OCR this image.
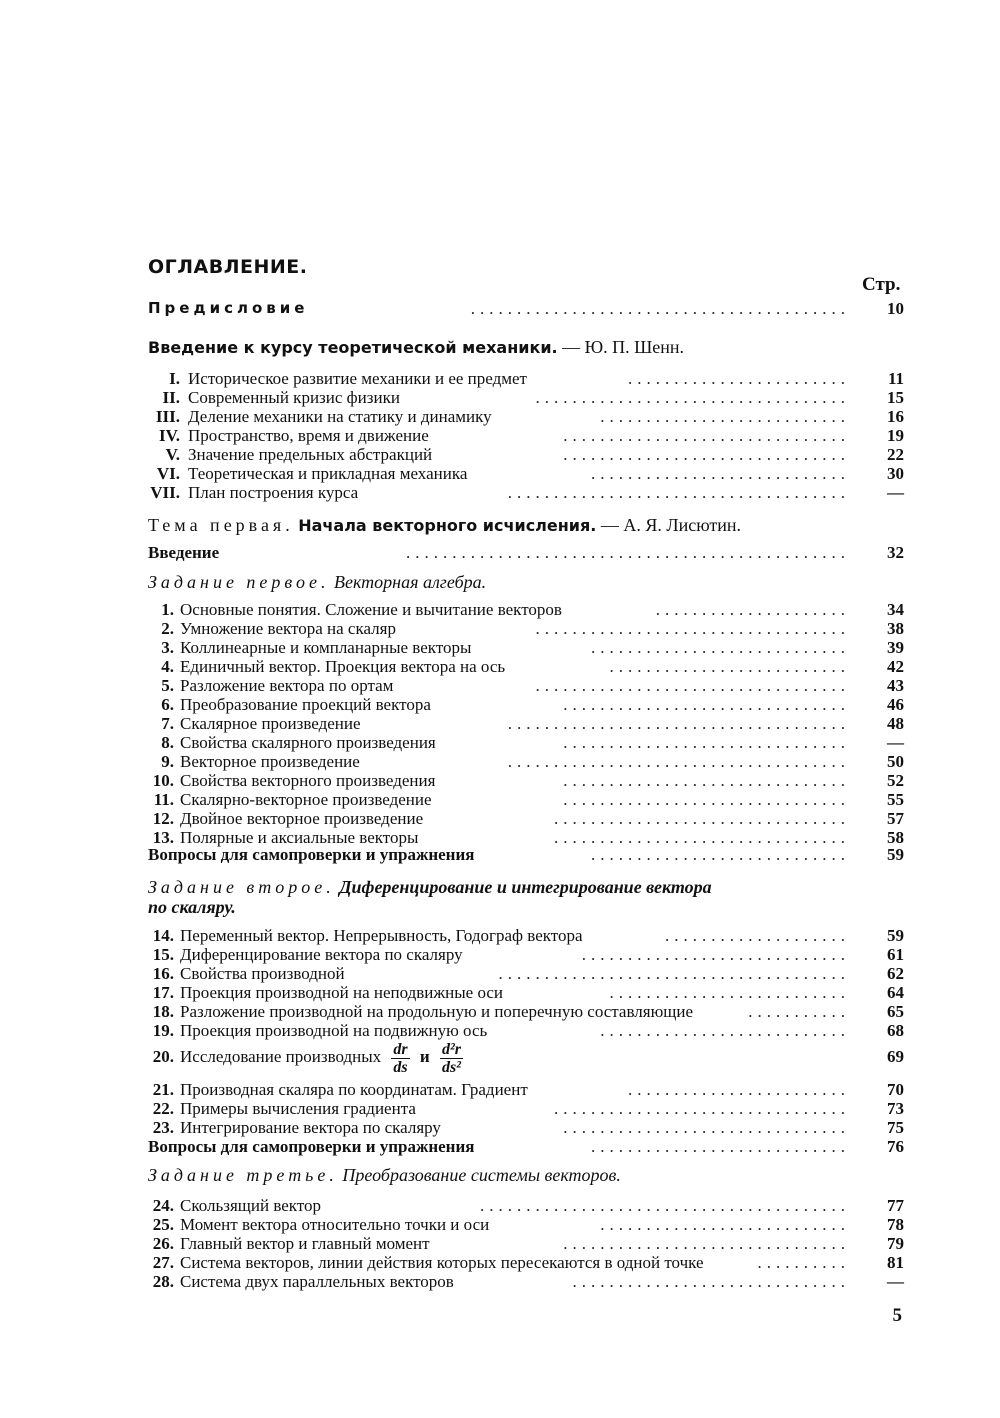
ОГЛАВЛЕНИЕ.
Стр.
Предисловие	.........................................	10
Введение к курсу теоретической механики. — Ю. П. Шенн.
I. Историческое развитие механики и ее предмет	........................	11
II. Современный кризис физики	..................................	15
III. Деление механики на статику и динамику	...........................	16
IV. Пространство, время и движение	...............................	19
V. Значение предельных абстракций	...............................	22
VI. Теоретическая и прикладная механика	............................	30
VII. План построения курса	.....................................	—
Тема первая. Начала векторного исчисления. — А. Я. Лисютин.
Введение	................................................	32
Задание первое. Векторная алгебра.
1. Основные понятия. Сложение и вычитание векторов	.....................	34
2. Умножение вектора на скаляр	..................................	38
3. Коллинеарные и компланарные векторы	............................	39
4. Единичный вектор. Проекция вектора на ось	..........................	42
5. Разложение вектора по ортам	..................................	43
6. Преобразование проекций вектора	...............................	46
7. Скалярное произведение	.....................................	48
8. Свойства скалярного произведения	...............................	—
9. Векторное произведение	.....................................	50
10. Свойства векторного произведения	...............................	52
11. Скалярно-векторное произведение	...............................	55
12. Двойное векторное произведение	................................	57
13. Полярные и аксиальные векторы	................................	58
Вопросы для самопроверки и упражнения	............................	59
Задание второе. Диференцирование и интегрирование вектора
по скаляру.
14. Переменный вектор. Непрерывность, Годограф вектора	....................	59
15. Диференцирование вектора по скаляру	.............................	61
16. Свойства производной	......................................	62
17. Проекция производной на неподвижные оси	..........................	64
18. Разложение производной на продольную и поперечную составляющие	...........	65
19. Проекция производной на подвижную ось	...........................	68
20. Исследование производных $\frac{dr}{ds}$ и $\frac{\text{d²r}}{\text{ds²}}$	69
21. Производная скаляра по координатам. Градиент	........................	70
22. Примеры вычисления градиента	................................	73
23. Интегрирование вектора по скаляру	...............................	75
Вопросы для самопроверки и упражнения	............................	76
Задание третье. Преобразование системы векторов.
24. Скользящий вектор	........................................	77
25. Момент вектора относительно точки и оси	...........................	78
26. Главный вектор и главный момент	...............................	79
27. Система векторов, линии действия которых пересекаются в одной точке	..........	81
28. Система двух параллельных векторов	..............................	—
5
